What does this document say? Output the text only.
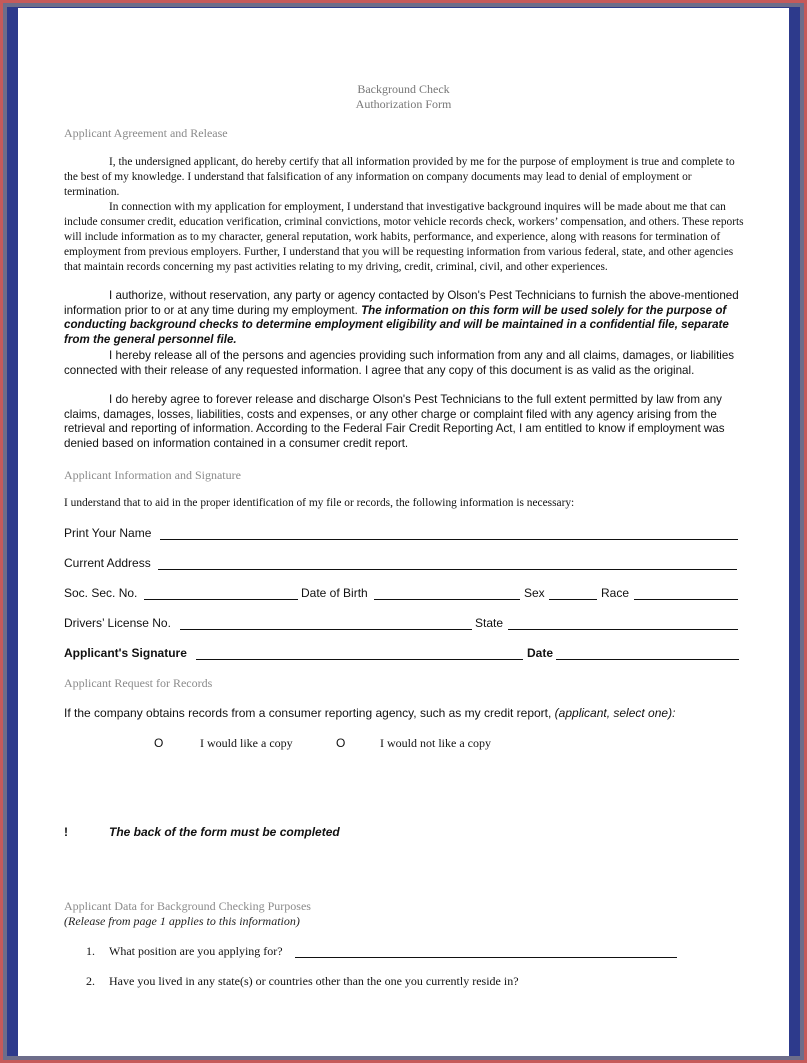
Background Check
Authorization Form
Applicant Agreement and Release

I, the undersigned applicant, do hereby certify that all information provided by me for the purpose of employment is true and complete to the best of my knowledge. I understand that falsification of any information on company documents may lead to denial of employment or termination.

In connection with my application for employment, I understand that investigative background inquires will be made about me that can include consumer credit, education verification, criminal convictions, motor vehicle records check, workers’ compensation, and others. These reports will include information as to my character, general reputation, work habits, performance, and experience, along with reasons for termination of employment from previous employers. Further, I understand that you will be requesting information from various federal, state, and other agencies that maintain records concerning my past activities relating to my driving, credit, criminal, civil, and other experiences.

I authorize, without reservation, any party or agency contacted by Olson's Pest Technicians to furnish the above-mentioned information prior to or at any time during my employment. The information on this form will be used solely for the purpose of conducting background checks to determine employment eligibility and will be maintained in a confidential file, separate from the general personnel file.

I hereby release all of the persons and agencies providing such information from any and all claims, damages, or liabilities connected with their release of any requested information. I agree that any copy of this document is as valid as the original.

I do hereby agree to forever release and discharge Olson's Pest Technicians to the full extent permitted by law from any claims, damages, losses, liabilities, costs and expenses, or any other charge or complaint filed with any agency arising from the retrieval and reporting of information. According to the Federal Fair Credit Reporting Act, I am entitled to know if employment was denied based on information contained in a consumer credit report.

Applicant Information and Signature
I understand that to aid in the proper identification of my file or records, the following information is necessary:
Print Your Name
Current Address
Soc. Sec. No.	Date of Birth	Sex	Race
Drivers’ License No.	State
Applicant's Signature	Date
Applicant Request for Records
If the company obtains records from a consumer reporting agency, such as my credit report, (applicant, select one):
O	I would like a copy	O	I would not like a copy
!	The back of the form must be completed
Applicant Data for Background Checking Purposes
(Release from page 1 applies to this information)
1. What position are you applying for?
2. Have you lived in any state(s) or countries other than the one you currently reside in?
